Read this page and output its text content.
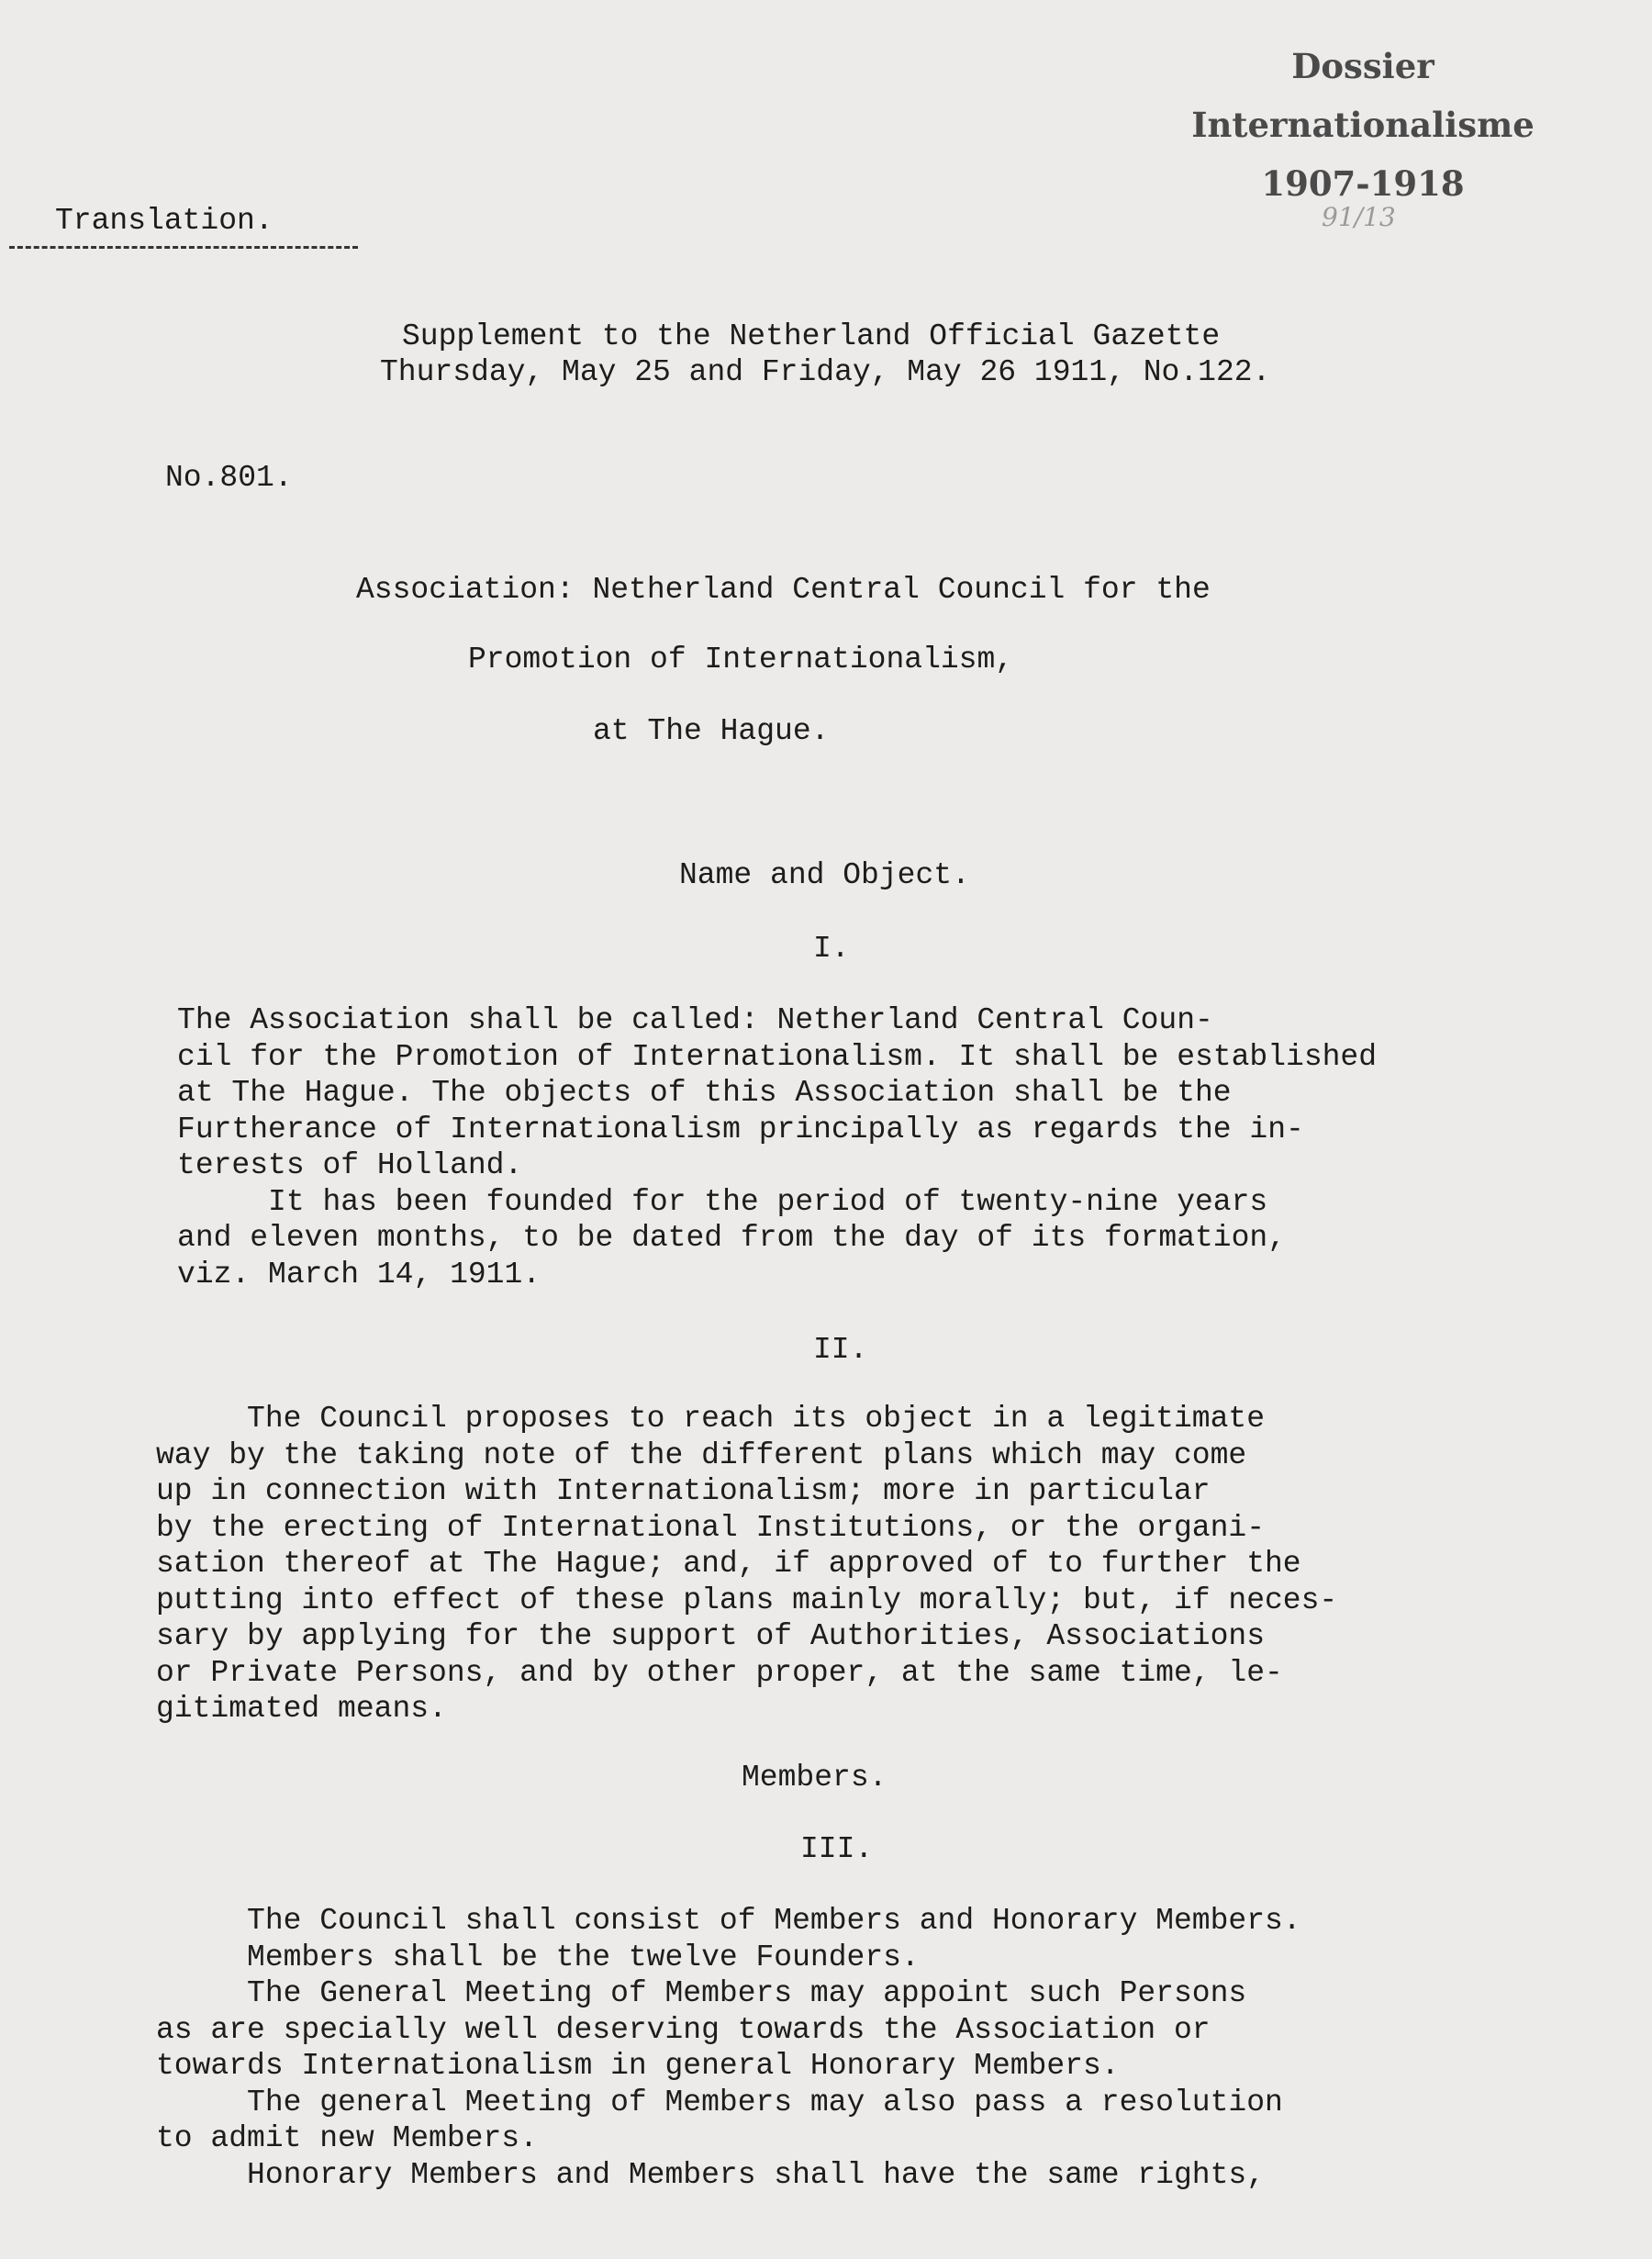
Dossier
Internationalisme
1907-1918
91/13
Translation.
Supplement to the Netherland Official Gazette
Thursday, May 25 and Friday, May 26 1911, No.122.
No.801.
Association: Netherland Central Council for the
Promotion of Internationalism,
at The Hague.
Name and Object.
I.
The Association shall be called: Netherland Central Coun-
cil for the Promotion of Internationalism. It shall be established
at The Hague. The objects of this Association shall be the
Furtherance of Internationalism principally as regards the in-
terests of Holland.
It has been founded for the period of twenty-nine years
and eleven months, to be dated from the day of its formation,
viz. March 14, 1911.
II.
The Council proposes to reach its object in a legitimate
way by the taking note of the different plans which may come
up in connection with Internationalism; more in particular
by the erecting of International Institutions, or the organi-
sation thereof at The Hague; and, if approved of to further the
putting into effect of these plans mainly morally; but, if neces-
sary by applying for the support of Authorities, Associations
or Private Persons, and by other proper, at the same time, le-
gitimated means.
Members.
III.
The Council shall consist of Members and Honorary Members.
Members shall be the twelve Founders.
The General Meeting of Members may appoint such Persons
as are specially well deserving towards the Association or
towards Internationalism in general Honorary Members.
The general Meeting of Members may also pass a resolution
to admit new Members.
Honorary Members and Members shall have the same rights,
